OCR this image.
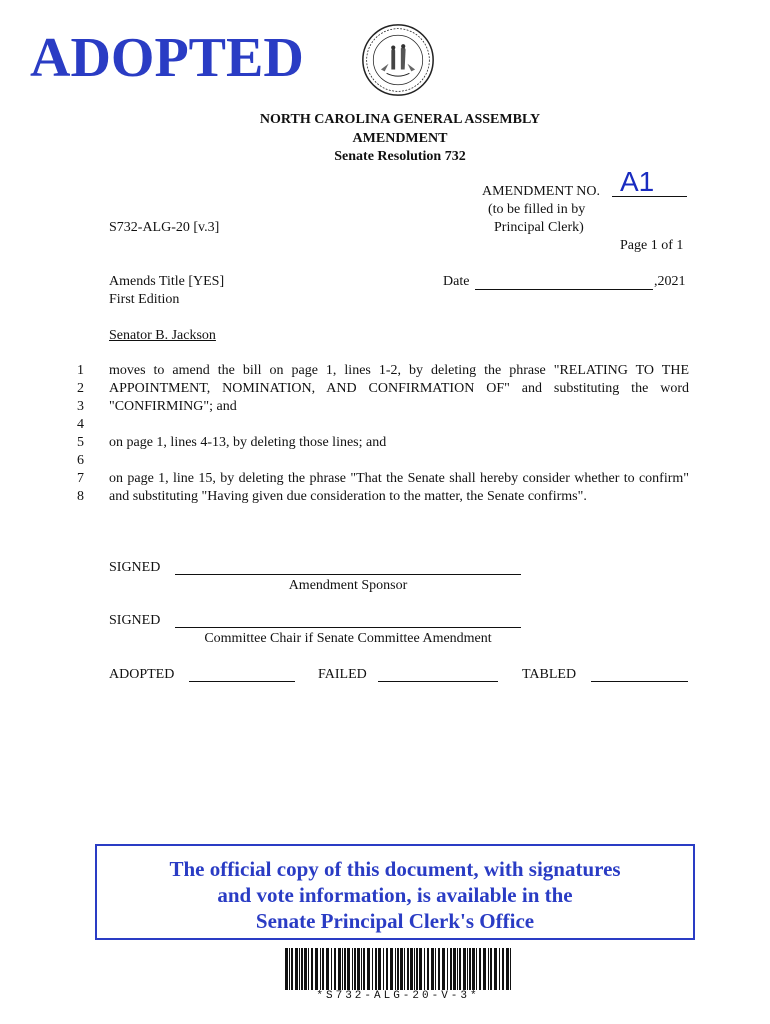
ADOPTED
NORTH CAROLINA GENERAL ASSEMBLY
AMENDMENT
Senate Resolution 732
AMENDMENT NO. A1
(to be filled in by
Principal Clerk)
Page 1 of 1
S732-ALG-20 [v.3]
Amends Title [YES]
First Edition
Date	,2021
Senator B. Jackson
1
2
3
4
5
6
7
8
moves to amend the bill on page 1, lines 1-2, by deleting the phrase "RELATING TO THE APPOINTMENT, NOMINATION, AND CONFIRMATION OF" and substituting the word "CONFIRMING"; and
on page 1, lines 4-13, by deleting those lines; and
on page 1, line 15, by deleting the phrase "That the Senate shall hereby consider whether to confirm" and substituting "Having given due consideration to the matter, the Senate confirms".
SIGNED
Amendment Sponsor
SIGNED
Committee Chair if Senate Committee Amendment
ADOPTED	FAILED	TABLED
The official copy of this document, with signatures
and vote information, is available in the
Senate Principal Clerk's Office
*S732-ALG-20-V-3*
